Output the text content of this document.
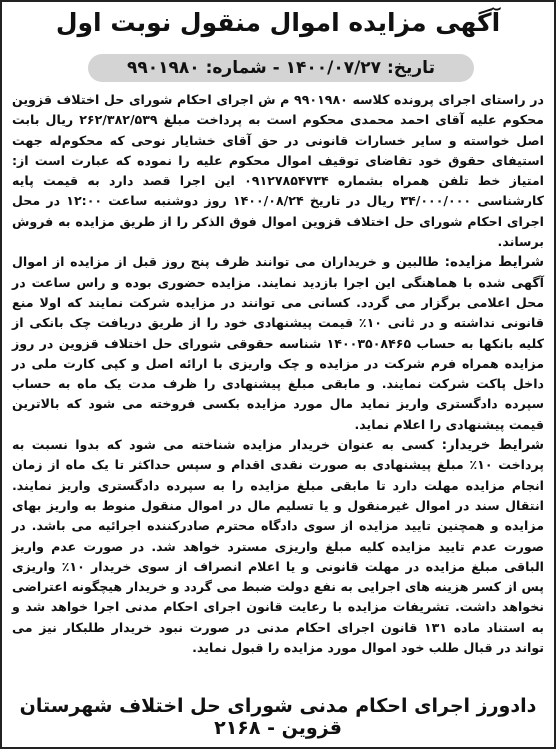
آگهی مزایده اموال منقول نوبت اول
تاریخ: ۱۴۰۰/۰۷/۲۷ - شماره: ۹۹۰۱۹۸۰

در راستای اجرای پرونده کلاسه ۹۹۰۱۹۸۰ م ش اجرای احکام شورای حل اختلاف قزوین محکوم علیه آقای احمد محمدی محکوم است به پرداخت مبلغ ۲۶۲/۳۸۲/۵۳۹ ریال بابت اصل خواسته و سایر خسارات قانونی در حق آقای خشایار نوحی که محکوم‌له جهت استیفای حقوق خود تقاضای توقیف اموال محکوم علیه را نموده که عبارت است از: امتیاز خط تلفن همراه بشماره ۰۹۱۲۷۸۵۴۷۳۴ این اجرا قصد دارد به قیمت پایه کارشناسی ۳۴/۰۰۰/۰۰۰ ریال در تاریخ ۱۴۰۰/۰۸/۲۴ روز دوشنبه ساعت ۱۲:۰۰ در محل اجرای احکام شورای حل اختلاف قزوین اموال فوق الذکر را از طریق مزایده به فروش برساند.

شرایط مزایده: طالبین و خریداران می توانند ظرف پنج روز قبل از مزایده از اموال آگهی شده با هماهنگی این اجرا بازدید نمایند. مزایده حضوری بوده و راس ساعت در محل اعلامی برگزار می گردد. کسانی می توانند در مزایده شرکت نمایند که اولا منع قانونی نداشته و در ثانی ۱۰٪ قیمت پیشنهادی خود را از طریق دریافت چک بانکی از کلیه بانکها به حساب ۱۴۰۰۳۵۰۸۴۶۵ شناسه حقوقی شورای حل اختلاف قزوین در روز مزایده همراه فرم شرکت در مزایده و چک واریزی با ارائه اصل و کپی کارت ملی در داخل پاکت شرکت نمایند. و مابقی مبلغ پیشنهادی را ظرف مدت یک ماه به حساب سپرده دادگستری واریز نماید مال مورد مزایده بکسی فروخته می شود که بالاترین قیمت پیشنهادی را اعلام نماید.

شرایط خریدار: کسی به عنوان خریدار مزایده شناخته می شود که بدوا نسبت به پرداخت ۱۰٪ مبلغ پیشنهادی به صورت نقدی اقدام و سپس حداکثر تا یک ماه از زمان انجام مزایده مهلت دارد تا مابقی مبلغ مزایده را به سپرده دادگستری واریز نمایند. انتقال سند در اموال غیرمنقول و یا تسلیم مال در اموال منقول منوط به واریز بهای مزایده و همچنین تایید مزایده از سوی دادگاه محترم صادرکننده اجرائیه می باشد. در صورت عدم تایید مزایده کلیه مبلغ واریزی مسترد خواهد شد. در صورت عدم واریز الباقی مبلغ مزایده در مهلت قانونی و یا اعلام انصراف از سوی خریدار ۱۰٪ واریزی پس از کسر هزینه های اجرایی به نفع دولت ضبط می گردد و خریدار هیچگونه اعتراضی نخواهد داشت. تشریفات مزایده با رعایت قانون اجرای احکام مدنی اجرا خواهد شد و به استناد ماده ۱۳۱ قانون اجرای احکام مدنی در صورت نبود خریدار طلبکار نیز می تواند در قبال طلب خود اموال مورد مزایده را قبول نماید.

دادورز اجرای احکام مدنی شورای حل اختلاف شهرستان قزوین - ۲۱۶۸
